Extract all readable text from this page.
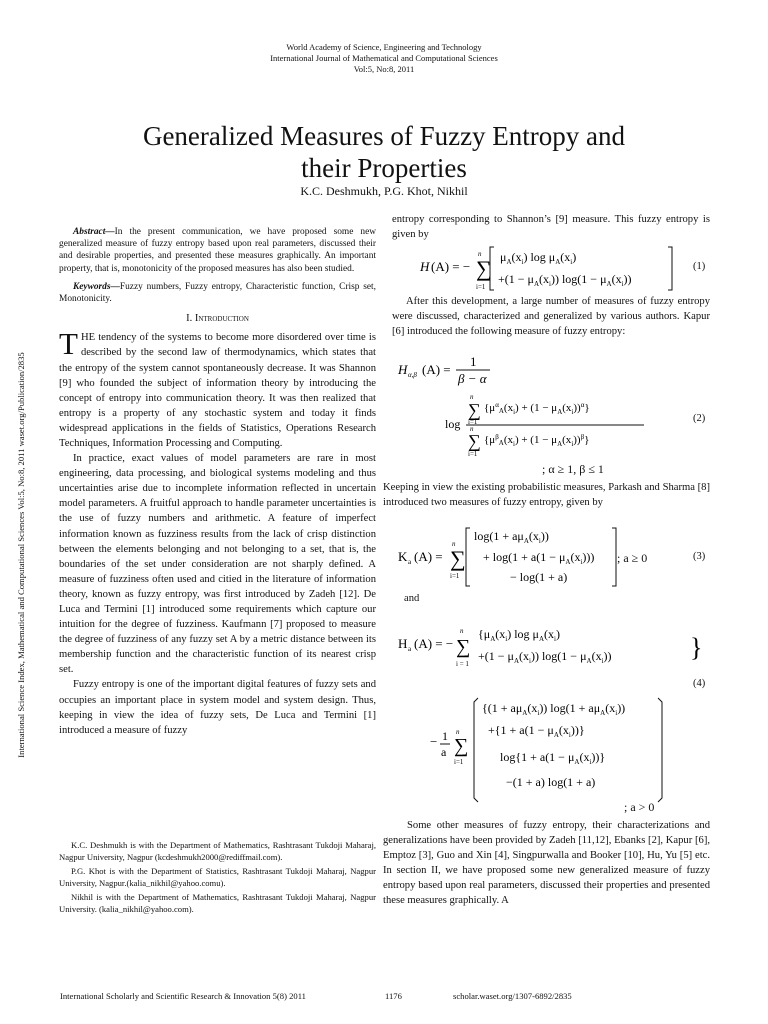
World Academy of Science, Engineering and Technology
International Journal of Mathematical and Computational Sciences
Vol:5, No:8, 2011
Generalized Measures of Fuzzy Entropy and
their Properties
K.C. Deshmukh, P.G. Khot, Nikhil
International Science Index, Mathematical and Computational Sciences Vol:5, No:8, 2011 waset.org/Publication/2835

Abstract—In the present communication, we have proposed some new generalized measure of fuzzy entropy based upon real parameters, discussed their and desirable properties, and presented these measures graphically. An important property, that is, monotonicity of the proposed measures has also been studied.

Keywords—Fuzzy numbers, Fuzzy entropy, Characteristic function, Crisp set, Monotonicity.

I. Introduction

THE tendency of the systems to become more disordered over time is described by the second law of thermodynamics, which states that the entropy of the system cannot spontaneously decrease. It was Shannon [9] who founded the subject of information theory by introducing the concept of entropy into communication theory. It was then realized that entropy is a property of any stochastic system and today it finds widespread applications in the fields of Statistics, Operations Research Techniques, Information Processing and Computing.

In practice, exact values of model parameters are rare in most engineering, data processing, and biological systems modeling and thus uncertainties arise due to incomplete information reflected in uncertain model parameters. A fruitful approach to handle parameter uncertainties is the use of fuzzy numbers and arithmetic. A feature of imperfect information known as fuzziness results from the lack of crisp distinction between the elements belonging and not belonging to a set, that is, the boundaries of the set under consideration are not sharply defined. A measure of fuzziness often used and citied in the literature of information theory, known as fuzzy entropy, was first introduced by Zadeh [12]. De Luca and Termini [1] introduced some requirements which capture our intuition for the degree of fuzziness. Kaufmann [7] proposed to measure the degree of fuzziness of any fuzzy set A by a metric distance between its membership function and the characteristic function of its nearest crisp set.

Fuzzy entropy is one of the important digital features of fuzzy sets and occupies an important place in system model and system design. Thus, keeping in view the idea of fuzzy sets, De Luca and Termini [1] introduced a measure of fuzzy

K.C. Deshmukh is with the Department of Mathematics, Rashtrasant Tukdoji Maharaj, Nagpur University, Nagpur (kcdeshmukh2000@rediffmail.com).

P.G. Khot is with the Department of Statistics, Rashtrasant Tukdoji Maharaj, Nagpur University, Nagpur.(kalia_nikhil@yahoo.comu).

Nikhil is with the Department of Mathematics, Rashtrasant Tukdoji Maharaj, Nagpur University. (kalia_nikhil@yahoo.com).

entropy corresponding to Shannon’s [9] measure. This fuzzy entropy is given by
H (A) = − ∑
n
i=1
$\mu_A(x_i)$ $\log \mu_A(x_i)$
$+(1 - \mu_A(x_i))$ $\log(1 - \mu_A(x_i))$
(1)
After this development, a large number of measures of fuzzy entropy were discussed, characterized and generalized by various authors. Kapur [6] introduced the following measure of fuzzy entropy:
H α,β (A) =
1
β − α
log
∑
n
i=1
$\{\mu^\alpha_A(x_i) + (1 - \mu_A(x_i))^\alpha\}$
∑
n
i=1
$\{\mu^\beta_A(x_i) + (1 - \mu_A(x_i))^\beta\}$
(2)
; α ≥ 1, β ≤ 1
Keeping in view the existing probabilistic measures, Parkash and Sharma [8] introduced two measures of fuzzy entropy, given by
K a (A) = ∑
n
i=1
$\log(1 + a\mu_A(x_i))$
+ $\log(1 + a(1 - \mu_A(x_i)))$
− log(1 + a)
; a ≥ 0	(3)
and
H a (A) = − ∑
n
i = 1
{$\mu_A(x_i)$ $\log \mu_A(x_i)$
$+(1 - \mu_A(x_i))$ $\log(1 - \mu_A(x_i))$	}
(4)
− 1
a ∑
n
i=1
{$(1 + a\mu_A(x_i))$ $\log(1 + a\mu_A(x_i))$
$+\{1 + a(1 - \mu_A(x_i))\}$
$\log\{1 + a(1 - \mu_A(x_i))\}$
−(1 + a) log(1 + a)
; a > 0
Some other measures of fuzzy entropy, their characterizations and generalizations have been provided by Zadeh [11,12], Ebanks [2], Kapur [6], Emptoz [3], Guo and Xin [4], Singpurwalla and Booker [10], Hu, Yu [5] etc. In section II, we have proposed some new generalized measure of fuzzy entropy based upon real parameters, discussed their properties and presented these measures graphically. A
International Scholarly and Scientific Research & Innovation 5(8) 2011	1176	scholar.waset.org/1307-6892/2835
